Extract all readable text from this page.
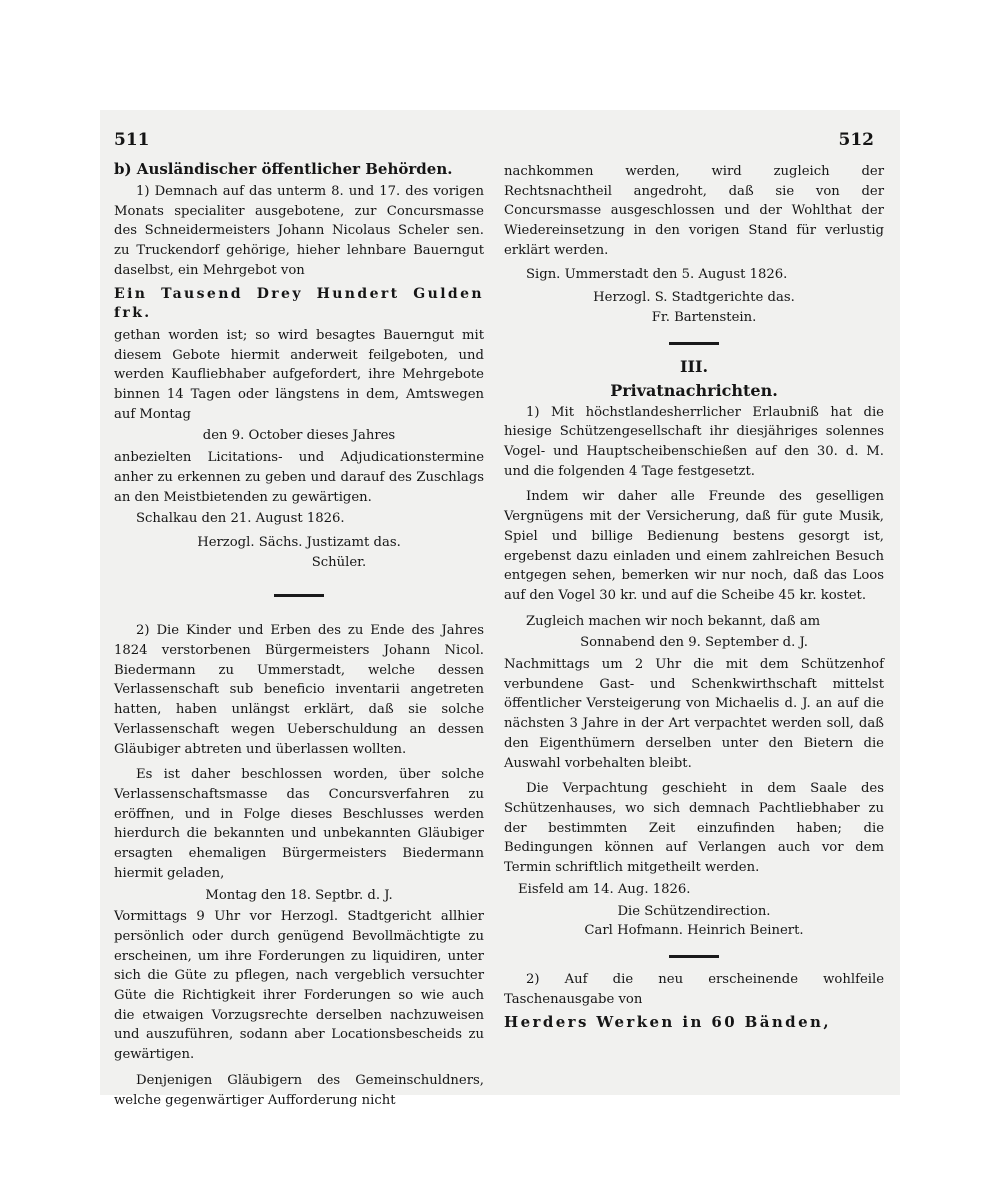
511	512

b) Ausländischer öffentlicher Behörden.

1) Demnach auf das unterm 8. und 17. des vorigen Monats specialiter ausgebotene, zur Concursmasse des Schneidermeisters Johann Nicolaus Scheler sen. zu Truckendorf gehörige, hieher lehnbare Bauerngut daselbst, ein Mehrgebot von

Ein Tausend Drey Hundert Gulden frk.

gethan worden ist; so wird besagtes Bauerngut mit diesem Gebote hiermit anderweit feilgeboten, und werden Kaufliebhaber aufgefordert, ihre Mehrgebote binnen 14 Tagen oder längstens in dem, Amtswegen auf Montag

den 9. October dieses Jahres

anbezielten Licitations- und Adjudicationstermine anher zu erkennen zu geben und darauf des Zuschlags an den Meistbietenden zu gewärtigen.

Schalkau den 21. August 1826.

Herzogl. Sächs. Justizamt das.

Schüler.

2) Die Kinder und Erben des zu Ende des Jahres 1824 verstorbenen Bürgermeisters Johann Nicol. Biedermann zu Ummerstadt, welche dessen Verlassenschaft sub beneficio inventarii angetreten hatten, haben unlängst erklärt, daß sie solche Verlassenschaft wegen Ueberschuldung an dessen Gläubiger abtreten und überlassen wollten.

Es ist daher beschlossen worden, über solche Verlassenschaftsmasse das Concursverfahren zu eröffnen, und in Folge dieses Beschlusses werden hierdurch die bekannten und unbekannten Gläubiger ersagten ehemaligen Bürgermeisters Biedermann hiermit geladen,

Montag den 18. Septbr. d. J.

Vormittags 9 Uhr vor Herzogl. Stadtgericht allhier persönlich oder durch genügend Bevollmächtigte zu erscheinen, um ihre Forderungen zu liquidiren, unter sich die Güte zu pflegen, nach vergeblich versuchter Güte die Richtigkeit ihrer Forderungen so wie auch die etwaigen Vorzugsrechte derselben nachzuweisen und auszuführen, sodann aber Locationsbescheids zu gewärtigen.

Denjenigen Gläubigern des Gemeinschuldners, welche gegenwärtiger Aufforderung nicht

nachkommen werden, wird zugleich der Rechtsnachtheil angedroht, daß sie von der Concursmasse ausgeschlossen und der Wohlthat der Wiedereinsetzung in den vorigen Stand für verlustig erklärt werden.

Sign. Ummerstadt den 5. August 1826.

Herzogl. S. Stadtgerichte das.

Fr. Bartenstein.

III.

Privatnachrichten.

1) Mit höchstlandesherrlicher Erlaubniß hat die hiesige Schützengesellschaft ihr diesjähriges solennes Vogel- und Hauptscheibenschießen auf den 30. d. M. und die folgenden 4 Tage festgesetzt.

Indem wir daher alle Freunde des geselligen Vergnügens mit der Versicherung, daß für gute Musik, Spiel und billige Bedienung bestens gesorgt ist, ergebenst dazu einladen und einem zahlreichen Besuch entgegen sehen, bemerken wir nur noch, daß das Loos auf den Vogel 30 kr. und auf die Scheibe 45 kr. kostet.

Zugleich machen wir noch bekannt, daß am

Sonnabend den 9. September d. J.

Nachmittags um 2 Uhr die mit dem Schützenhof verbundene Gast- und Schenkwirthschaft mittelst öffentlicher Versteigerung von Michaelis d. J. an auf die nächsten 3 Jahre in der Art verpachtet werden soll, daß den Eigenthümern derselben unter den Bietern die Auswahl vorbehalten bleibt.

Die Verpachtung geschieht in dem Saale des Schützenhauses, wo sich demnach Pachtliebhaber zu der bestimmten Zeit einzufinden haben; die Bedingungen können auf Verlangen auch vor dem Termin schriftlich mitgetheilt werden.

Eisfeld am 14. Aug. 1826.

Die Schützendirection.

Carl Hofmann. Heinrich Beinert.

2) Auf die neu erscheinende wohlfeile Taschenausgabe von

Herders Werken in 60 Bänden,
